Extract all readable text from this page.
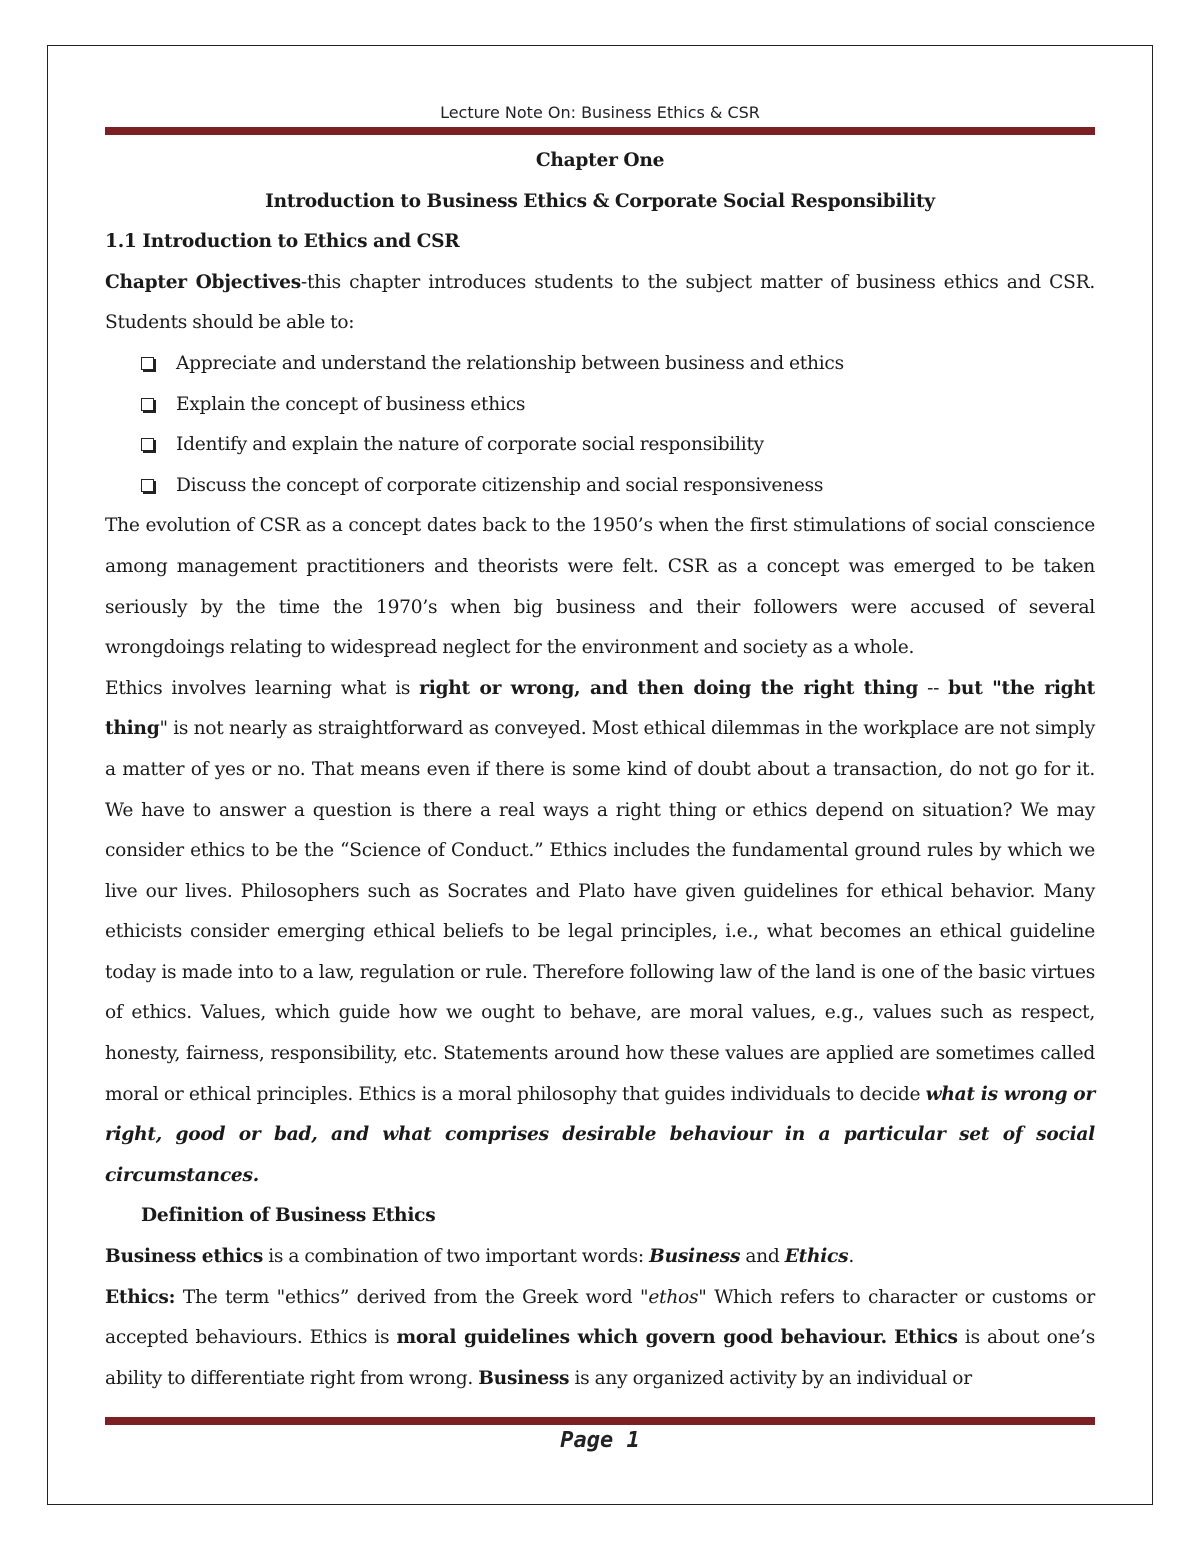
Lecture Note On: Business Ethics & CSR

Chapter One

Introduction to Business Ethics & Corporate Social Responsibility

1.1 Introduction to Ethics and CSR

Chapter Objectives-this chapter introduces students to the subject matter of business ethics and CSR. Students should be able to:

Appreciate and understand the relationship between business and ethics
Explain the concept of business ethics
Identify and explain the nature of corporate social responsibility
Discuss the concept of corporate citizenship and social responsiveness

The evolution of CSR as a concept dates back to the 1950’s when the first stimulations of social conscience among management practitioners and theorists were felt. CSR as a concept was emerged to be taken seriously by the time the 1970’s when big business and their followers were accused of several wrongdoings relating to widespread neglect for the environment and society as a whole.

Ethics involves learning what is right or wrong, and then doing the right thing -- but "the right thing" is not nearly as straightforward as conveyed. Most ethical dilemmas in the workplace are not simply a matter of yes or no. That means even if there is some kind of doubt about a transaction, do not go for it. We have to answer a question is there a real ways a right thing or ethics depend on situation? We may consider ethics to be the “Science of Conduct.” Ethics includes the fundamental ground rules by which we live our lives. Philosophers such as Socrates and Plato have given guidelines for ethical behavior. Many ethicists consider emerging ethical beliefs to be legal principles, i.e., what becomes an ethical guideline today is made into to a law, regulation or rule. Therefore following law of the land is one of the basic virtues of ethics. Values, which guide how we ought to behave, are moral values, e.g., values such as respect, honesty, fairness, responsibility, etc. Statements around how these values are applied are sometimes called moral or ethical principles. Ethics is a moral philosophy that guides individuals to decide what is wrong or right, good or bad, and what comprises desirable behaviour in a particular set of social circumstances.

Definition of Business Ethics

Business ethics is a combination of two important words: Business and Ethics.

Ethics: The term "ethics” derived from the Greek word "ethos" Which refers to character or customs or accepted behaviours. Ethics is moral guidelines which govern good behaviour. Ethics is about one’s ability to differentiate right from wrong. Business is any organized activity by an individual or

Page 1
